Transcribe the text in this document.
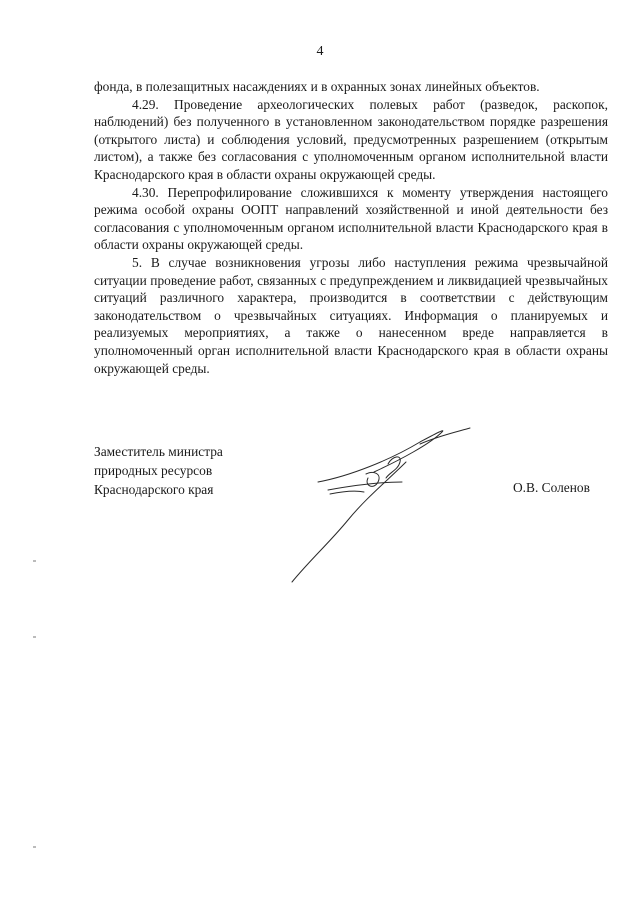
4

фонда, в полезащитных насаждениях и в охранных зонах линейных объектов.

4.29. Проведение археологических полевых работ (разведок, раскопок, наблюдений) без полученного в установленном законодательством порядке разрешения (открытого листа) и соблюдения условий, предусмотренных разрешением (открытым листом), а также без согласования с уполномоченным органом исполнительной власти Краснодарского края в области охраны окружающей среды.

4.30. Перепрофилирование сложившихся к моменту утверждения настоящего режима особой охраны ООПТ направлений хозяйственной и иной деятельности без согласования с уполномоченным органом исполнительной власти Краснодарского края в области охраны окружающей среды.

5. В случае возникновения угрозы либо наступления режима чрезвычайной ситуации проведение работ, связанных с предупреждением и ликвидацией чрезвычайных ситуаций различного характера, производится в соответствии с действующим законодательством о чрезвычайных ситуациях. Информация о планируемых и реализуемых мероприятиях, а также о нанесенном вреде направляется в уполномоченный орган исполнительной власти Краснодарского края в области охраны окружающей среды.

Заместитель министра
природных ресурсов
Краснодарского края	О.В. Соленов
